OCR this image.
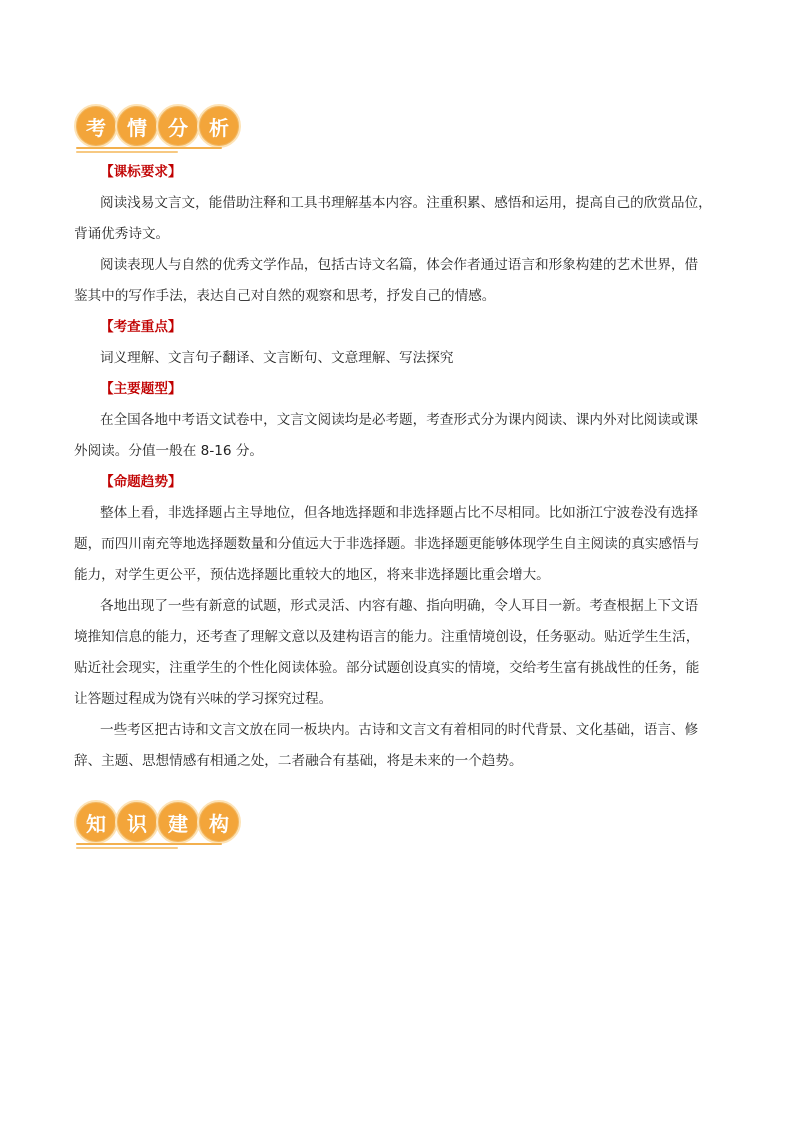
考	情	分	析
【课标要求】
阅读浅易文言文，能借助注释和工具书理解基本内容。注重积累、感悟和运用，提高自己的欣赏品位，
背诵优秀诗文。
阅读表现人与自然的优秀文学作品，包括古诗文名篇，体会作者通过语言和形象构建的艺术世界，借
鉴其中的写作手法，表达自己对自然的观察和思考，抒发自己的情感。
【考查重点】
词义理解、文言句子翻译、文言断句、文意理解、写法探究
【主要题型】
在全国各地中考语文试卷中，文言文阅读均是必考题，考查形式分为课内阅读、课内外对比阅读或课
外阅读。分值一般在 8-16 分。
【命题趋势】
整体上看，非选择题占主导地位，但各地选择题和非选择题占比不尽相同。比如浙江宁波卷没有选择
题，而四川南充等地选择题数量和分值远大于非选择题。非选择题更能够体现学生自主阅读的真实感悟与
能力，对学生更公平，预估选择题比重较大的地区，将来非选择题比重会增大。
各地出现了一些有新意的试题，形式灵活、内容有趣、指向明确，令人耳目一新。考查根据上下文语
境推知信息的能力，还考查了理解文意以及建构语言的能力。注重情境创设，任务驱动。贴近学生生活，
贴近社会现实，注重学生的个性化阅读体验。部分试题创设真实的情境，交给考生富有挑战性的任务，能
让答题过程成为饶有兴味的学习探究过程。
一些考区把古诗和文言文放在同一板块内。古诗和文言文有着相同的时代背景、文化基础，语言、修
辞、主题、思想情感有相通之处，二者融合有基础，将是未来的一个趋势。
知	识	建	构
